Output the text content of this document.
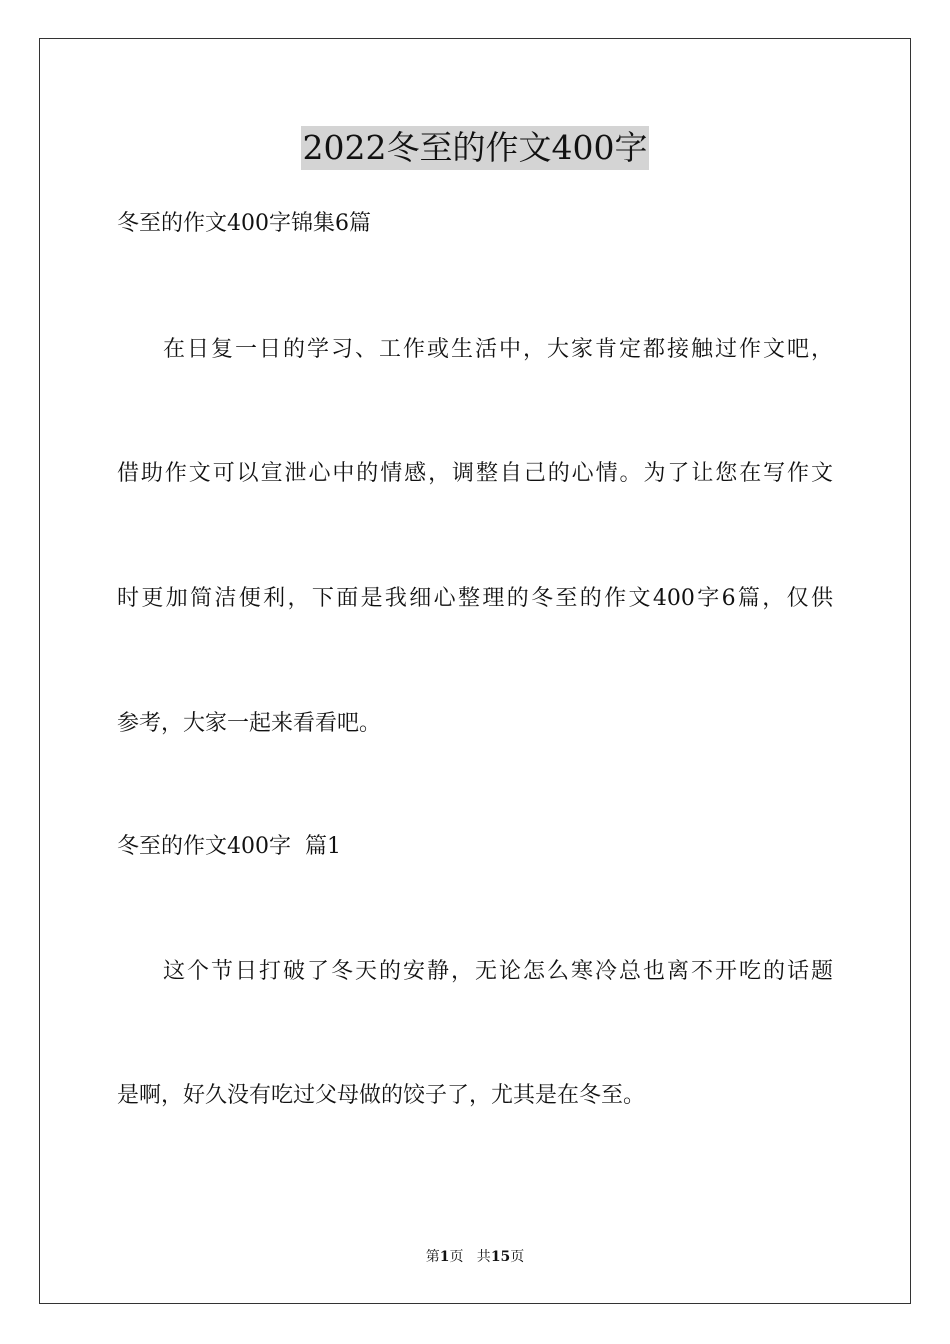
2022冬至的作文400字
冬至的作文400字锦集6篇
在日复一日的学习、工作或生活中，大家肯定都接触过作文吧，
借助作文可以宣泄心中的情感，调整自己的心情。为了让您在写作文
时更加简洁便利，下面是我细心整理的冬至的作文400字6篇，仅供
参考，大家一起来看看吧。
冬至的作文400字  篇1
这个节日打破了冬天的安静，无论怎么寒冷总也离不开吃的话题
是啊，好久没有吃过父母做的饺子了，尤其是在冬至。
第1页   共15页
